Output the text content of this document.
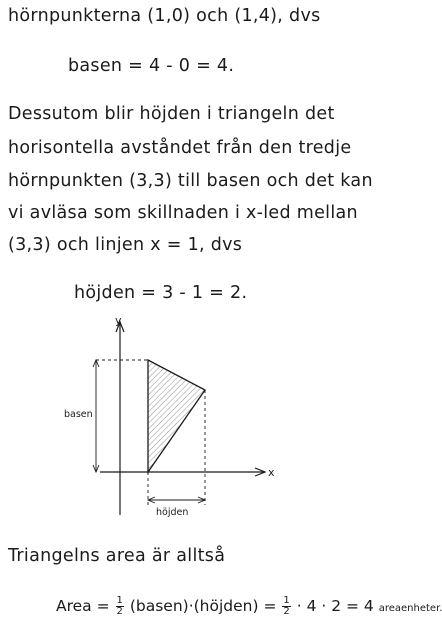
hörnpunkterna (1,0) och (1,4), dvs
basen = 4 - 0 = 4.
Dessutom blir höjden i triangeln det
horisontella avståndet från den tredje
hörnpunkten (3,3) till basen och det kan
vi avläsa som skillnaden i x-led mellan
(3,3) och linjen x = 1, dvs
höjden = 3 - 1 = 2.
y
x
basen
höjden
Triangelns area är alltså
Area = $\frac{1}{2}$ (basen)·(höjden) = $\frac{1}{2} \cdot 4 \cdot 2 = 4$ areaenheter.
